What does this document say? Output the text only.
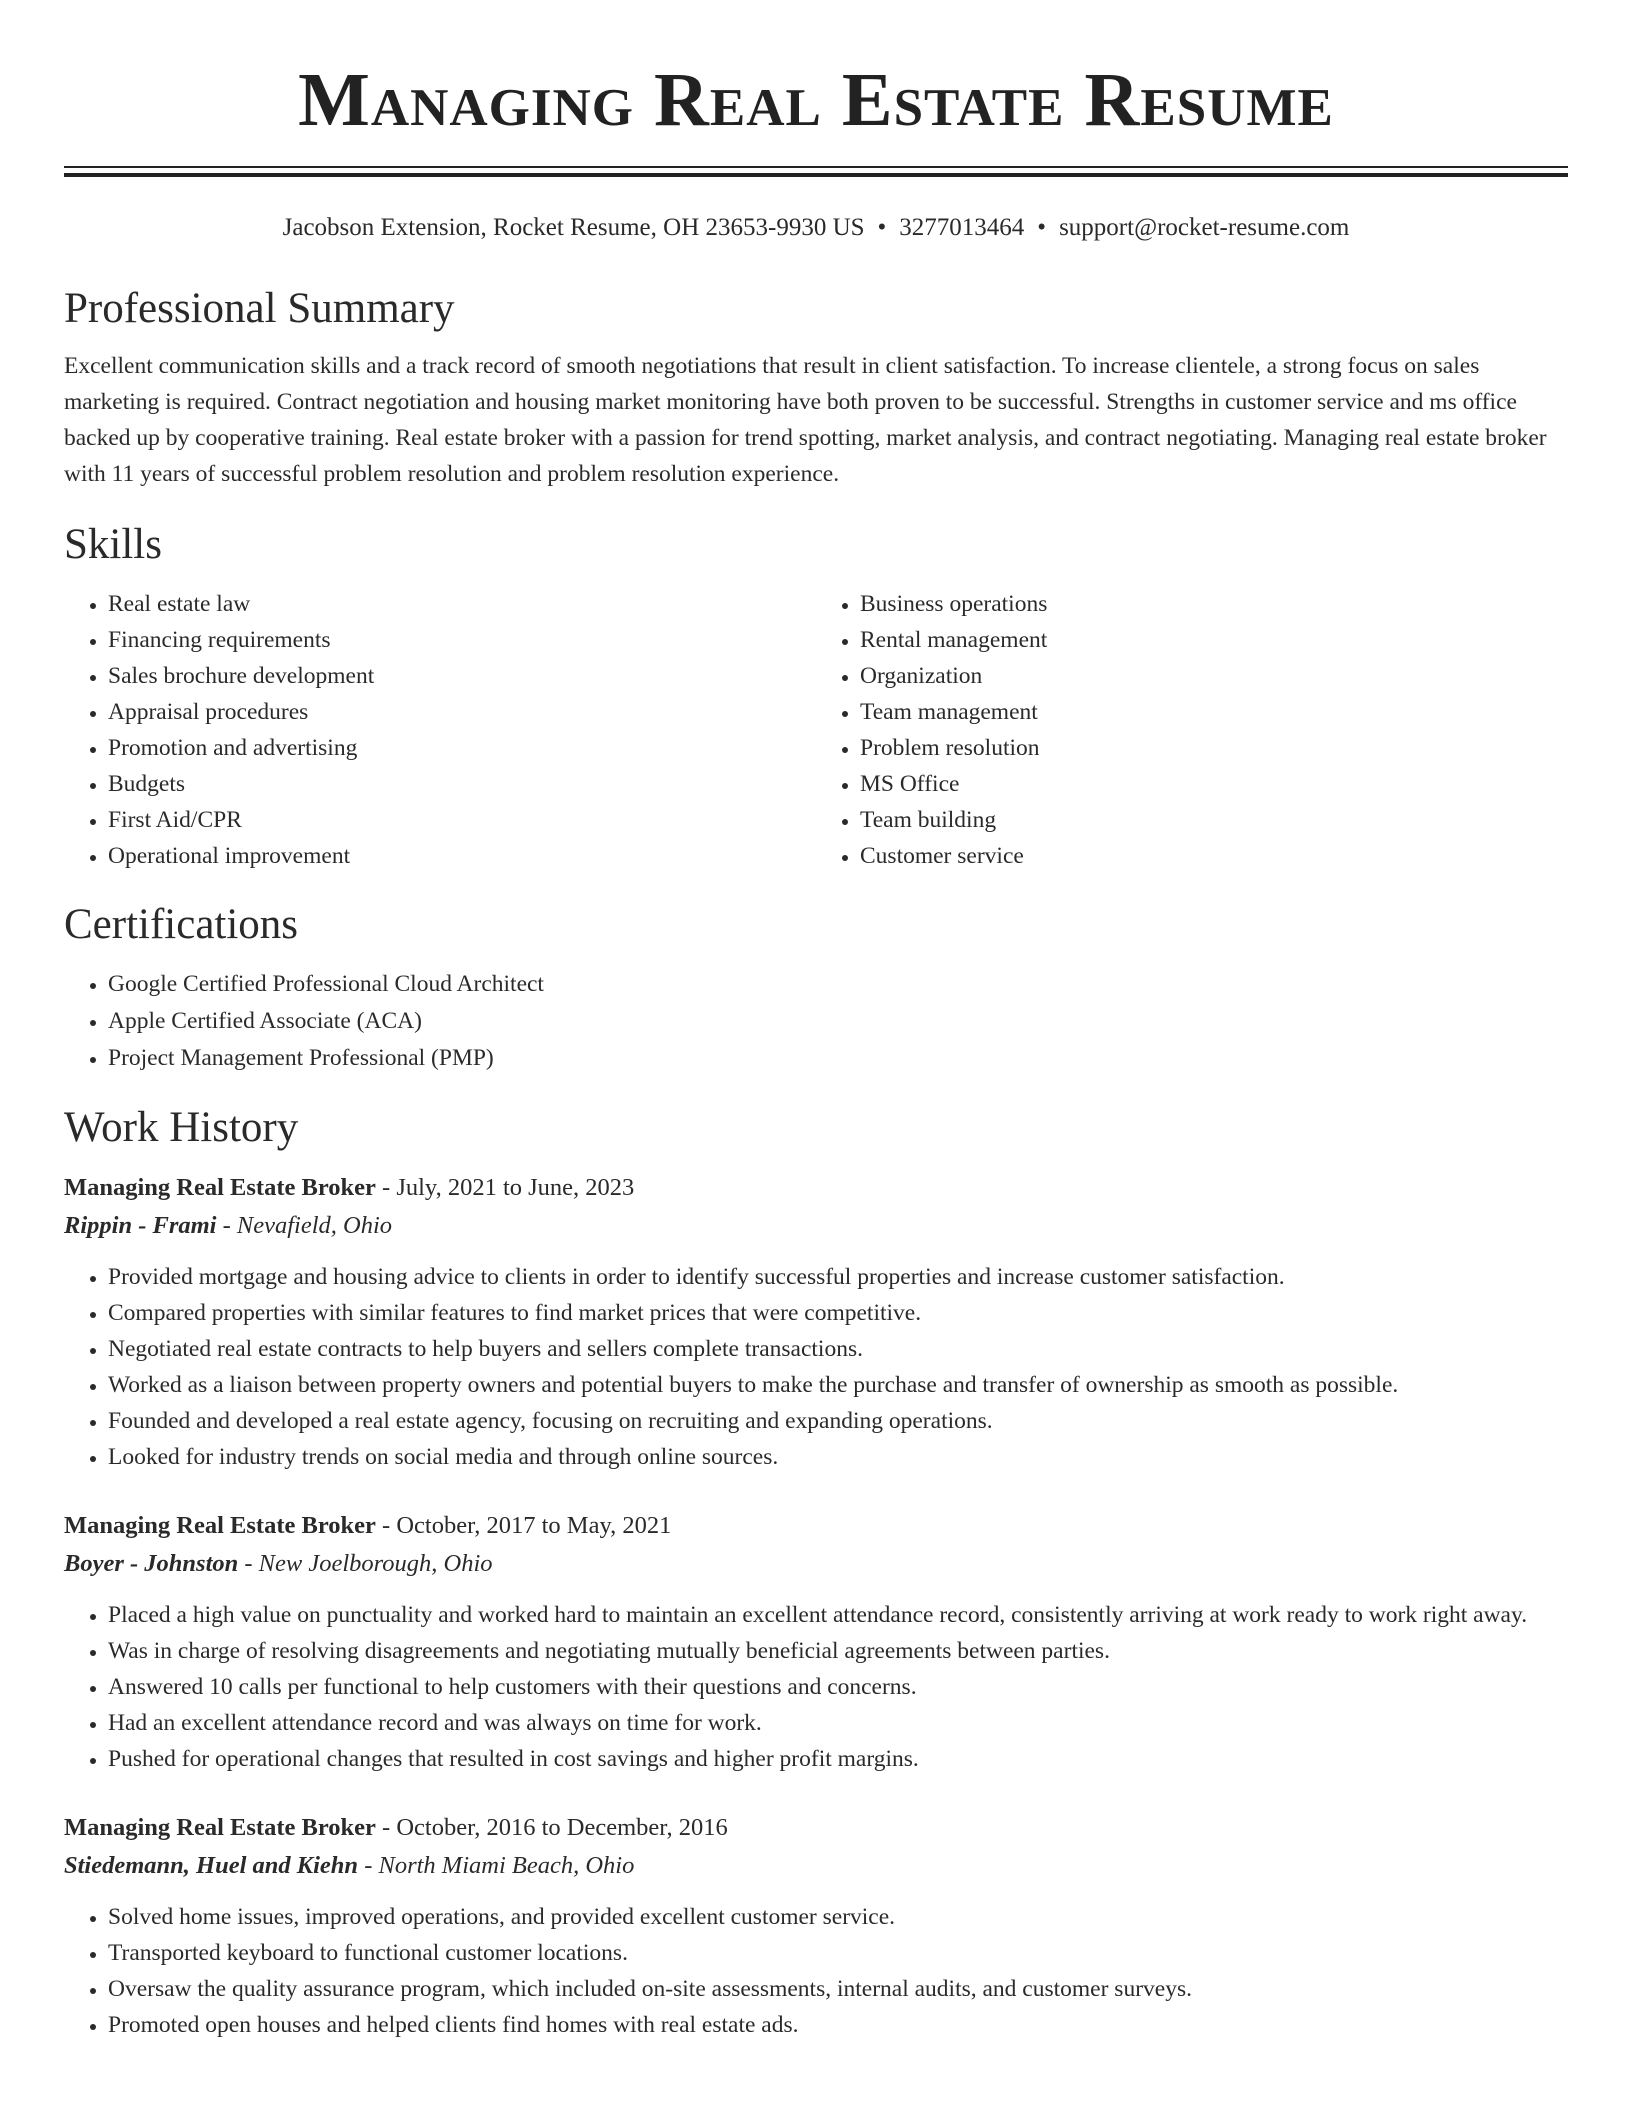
Managing Real Estate Resume
Jacobson Extension, Rocket Resume, OH 23653-9930 US • 3277013464 • support@rocket-resume.com
Professional Summary

Excellent communication skills and a track record of smooth negotiations that result in client satisfaction. To increase clientele, a strong focus on sales marketing is required. Contract negotiation and housing market monitoring have both proven to be successful. Strengths in customer service and ms office backed up by cooperative training. Real estate broker with a passion for trend spotting, market analysis, and contract negotiating. Managing real estate broker with 11 years of successful problem resolution and problem resolution experience.

Skills
• Real estate law
• Financing requirements
• Sales brochure development
• Appraisal procedures
• Promotion and advertising
• Budgets
• First Aid/CPR
• Operational improvement
• Business operations
• Rental management
• Organization
• Team management
• Problem resolution
• MS Office
• Team building
• Customer service
Certifications
• Google Certified Professional Cloud Architect
• Apple Certified Associate (ACA)
• Project Management Professional (PMP)
Work History
Managing Real Estate Broker - July, 2021 to June, 2023
Rippin - Frami - Nevafield, Ohio
• Provided mortgage and housing advice to clients in order to identify successful properties and increase customer satisfaction.
• Compared properties with similar features to find market prices that were competitive.
• Negotiated real estate contracts to help buyers and sellers complete transactions.
• Worked as a liaison between property owners and potential buyers to make the purchase and transfer of ownership as smooth as possible.
• Founded and developed a real estate agency, focusing on recruiting and expanding operations.
• Looked for industry trends on social media and through online sources.
Managing Real Estate Broker - October, 2017 to May, 2021
Boyer - Johnston - New Joelborough, Ohio
• Placed a high value on punctuality and worked hard to maintain an excellent attendance record, consistently arriving at work ready to work right away.
• Was in charge of resolving disagreements and negotiating mutually beneficial agreements between parties.
• Answered 10 calls per functional to help customers with their questions and concerns.
• Had an excellent attendance record and was always on time for work.
• Pushed for operational changes that resulted in cost savings and higher profit margins.
Managing Real Estate Broker - October, 2016 to December, 2016
Stiedemann, Huel and Kiehn - North Miami Beach, Ohio
• Solved home issues, improved operations, and provided excellent customer service.
• Transported keyboard to functional customer locations.
• Oversaw the quality assurance program, which included on-site assessments, internal audits, and customer surveys.
• Promoted open houses and helped clients find homes with real estate ads.
